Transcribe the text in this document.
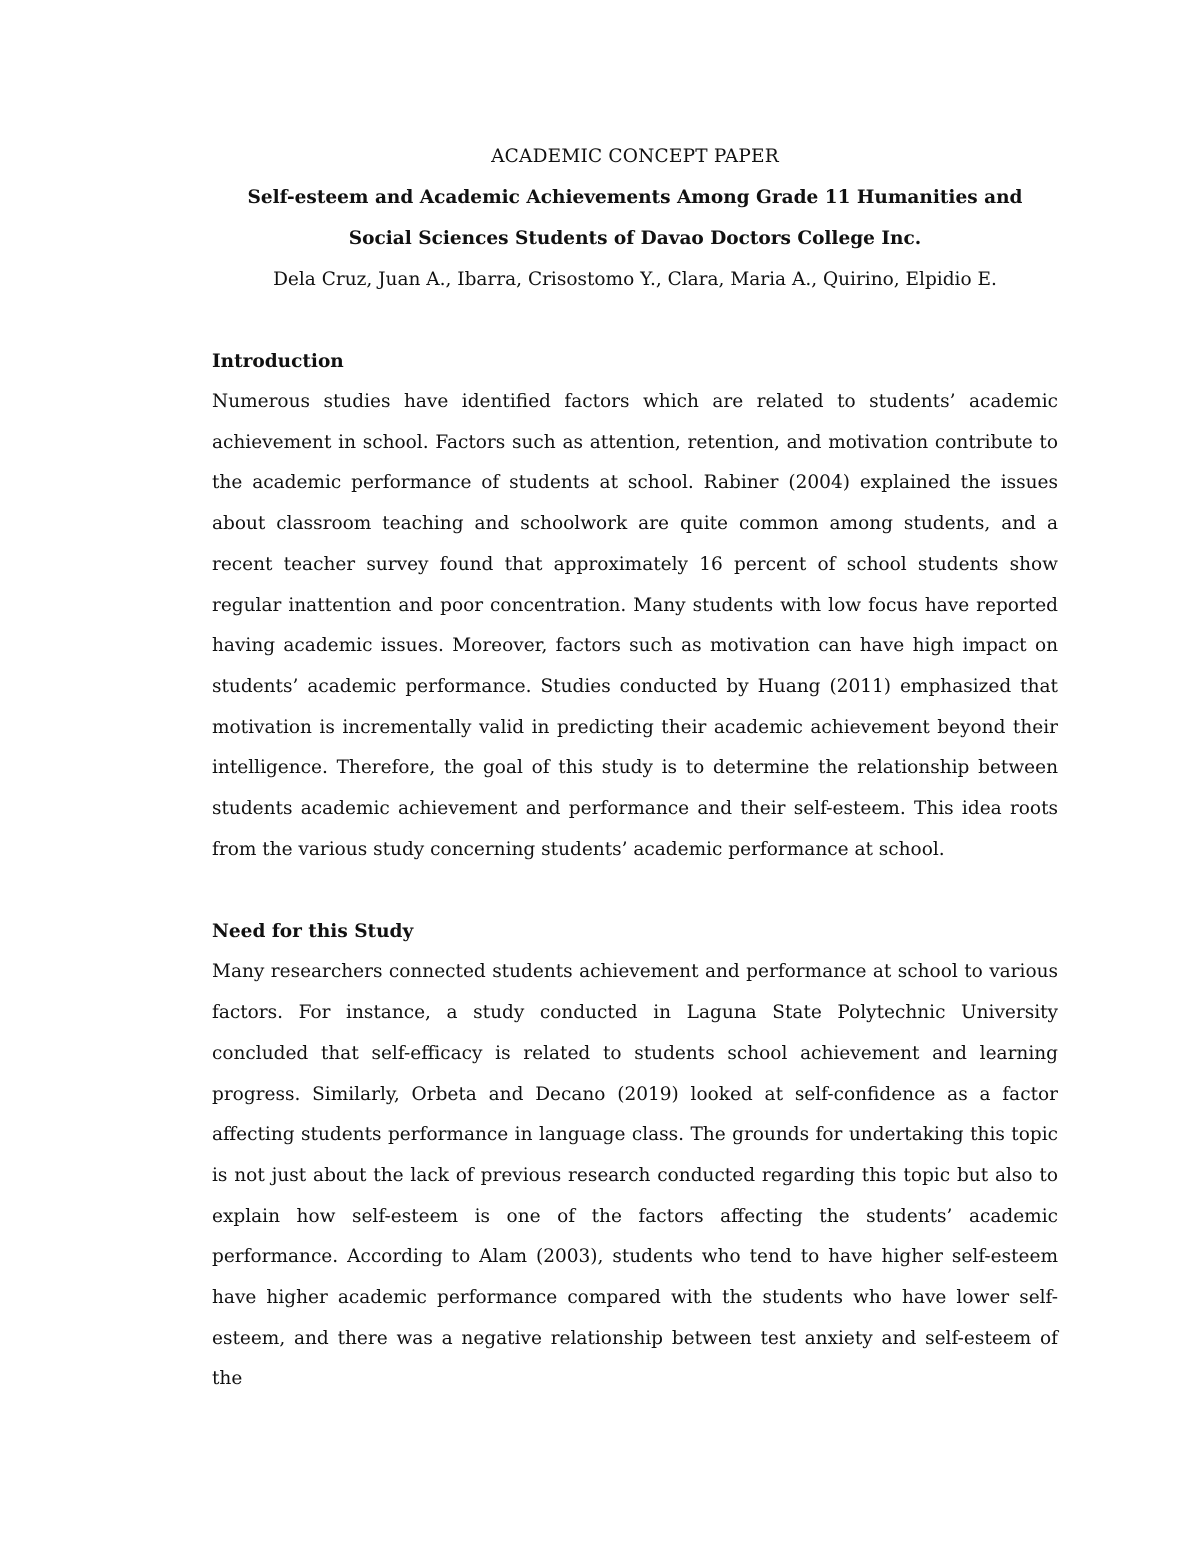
ACADEMIC CONCEPT PAPER
Self-esteem and Academic Achievements Among Grade 11 Humanities and
Social Sciences Students of Davao Doctors College Inc.
Dela Cruz, Juan A., Ibarra, Crisostomo Y., Clara, Maria A., Quirino, Elpidio E.
Introduction

Numerous studies have identified factors which are related to students’ academic achievement in school. Factors such as attention, retention, and motivation contribute to the academic performance of students at school. Rabiner (2004) explained the issues about classroom teaching and schoolwork are quite common among students, and a recent teacher survey found that approximately 16 percent of school students show regular inattention and poor concentration. Many students with low focus have reported having academic issues. Moreover, factors such as motivation can have high impact on students’ academic performance. Studies conducted by Huang (2011) emphasized that motivation is incrementally valid in predicting their academic achievement beyond their intelligence. Therefore, the goal of this study is to determine the relationship between students academic achievement and performance and their self-esteem. This idea roots from the various study concerning students’ academic performance at school.

Need for this Study

Many researchers connected students achievement and performance at school to various factors. For instance, a study conducted in Laguna State Polytechnic University concluded that self-efficacy is related to students school achievement and learning progress. Similarly, Orbeta and Decano (2019) looked at self-confidence as a factor affecting students performance in language class. The grounds for undertaking this topic is not just about the lack of previous research conducted regarding this topic but also to explain how self-esteem is one of the factors affecting the students’ academic performance. According to Alam (2003), students who tend to have higher self-esteem have higher academic performance compared with the students who have lower self-esteem, and there was a negative relationship between test anxiety and self-esteem of the
